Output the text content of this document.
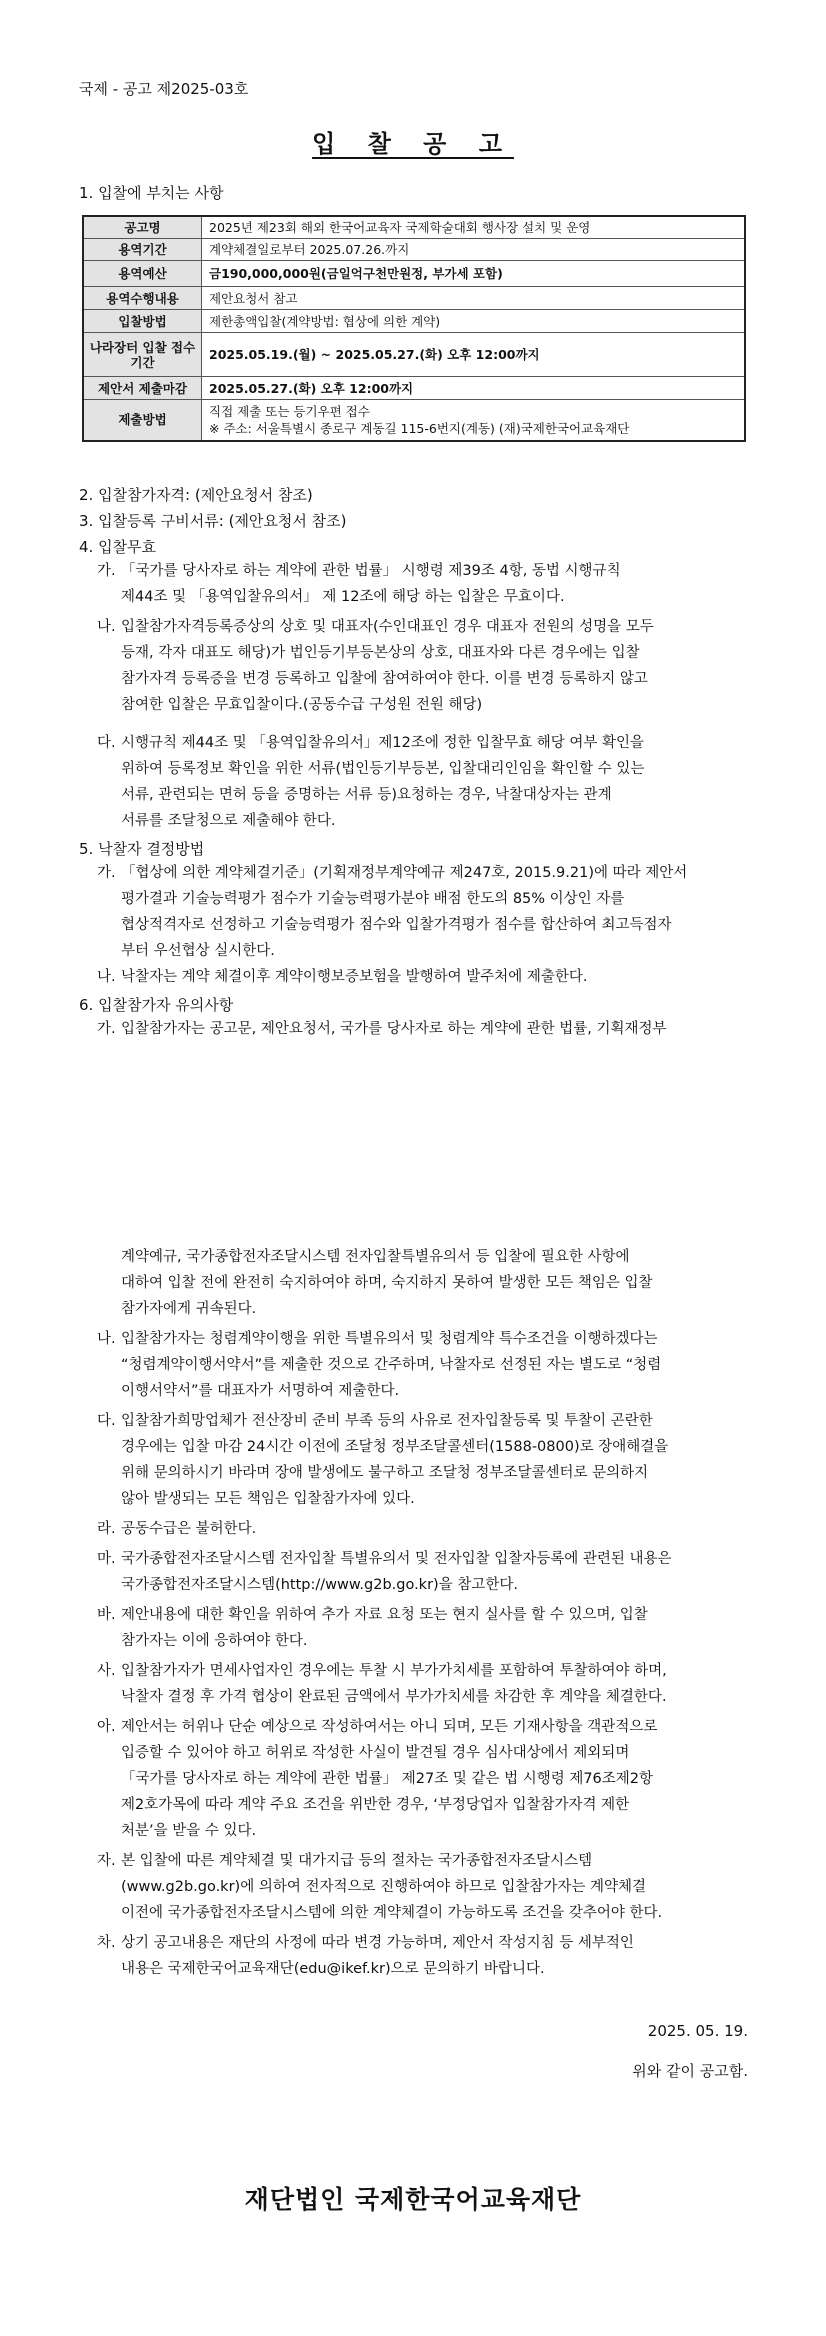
국제 - 공고 제2025-03호
입 찰 공 고
1. 입찰에 부치는 사항
공고명	2025년 제23회 해외 한국어교육자 국제학술대회 행사장 설치 및 운영
용역기간	계약체결일로부터 2025.07.26.까지
용역예산	금190,000,000원(금일억구천만원정, 부가세 포함)
용역수행내용	제안요청서 참고
입찰방법	제한총액입찰(계약방법: 협상에 의한 계약)
나라장터 입찰 접수 기간	2025.05.19.(월) ~ 2025.05.27.(화) 오후 12:00까지
제안서 제출마감	2025.05.27.(화) 오후 12:00까지
제출방법	직접 제출 또는 등기우편 접수
※ 주소: 서울특별시 종로구 계동길 115-6번지(계동) (재)국제한국어교육재단
2. 입찰참가자격: (제안요청서 참조)
3. 입찰등록 구비서류: (제안요청서 참조)
4. 입찰무효
가. 「국가를 당사자로 하는 계약에 관한 법률」 시행령 제39조 4항, 동법 시행규칙
제44조 및 「용역입찰유의서」 제 12조에 해당 하는 입찰은 무효이다.
나. 입찰참가자격등록증상의 상호 및 대표자(수인대표인 경우 대표자 전원의 성명을 모두
등재, 각자 대표도 해당)가 법인등기부등본상의 상호, 대표자와 다른 경우에는 입찰
참가자격 등록증을 변경 등록하고 입찰에 참여하여야 한다. 이를 변경 등록하지 않고
참여한 입찰은 무효입찰이다.(공동수급 구성원 전원 해당)
다. 시행규칙 제44조 및 「용역입찰유의서」제12조에 정한 입찰무효 해당 여부 확인을
위하여 등록정보 확인을 위한 서류(법인등기부등본, 입찰대리인임을 확인할 수 있는
서류, 관련되는 면허 등을 증명하는 서류 등)요청하는 경우, 낙찰대상자는 관계
서류를 조달청으로 제출해야 한다.
5. 낙찰자 결정방법
가. 「협상에 의한 계약체결기준」(기획재정부계약예규 제247호, 2015.9.21)에 따라 제안서
평가결과 기술능력평가 점수가 기술능력평가분야 배점 한도의 85% 이상인 자를
협상적격자로 선정하고 기술능력평가 점수와 입찰가격평가 점수를 합산하여 최고득점자
부터 우선협상 실시한다.
나. 낙찰자는 계약 체결이후 계약이행보증보험을 발행하여 발주처에 제출한다.
6. 입찰참가자 유의사항
가. 입찰참가자는 공고문, 제안요청서, 국가를 당사자로 하는 계약에 관한 법률, 기획재정부
계약예규, 국가종합전자조달시스템 전자입찰특별유의서 등 입찰에 필요한 사항에
대하여 입찰 전에 완전히 숙지하여야 하며, 숙지하지 못하여 발생한 모든 책임은 입찰
참가자에게 귀속된다.
나. 입찰참가자는 청렴계약이행을 위한 특별유의서 및 청렴계약 특수조건을 이행하겠다는
“청렴계약이행서약서”를 제출한 것으로 간주하며, 낙찰자로 선정된 자는 별도로 “청렴
이행서약서”를 대표자가 서명하여 제출한다.
다. 입찰참가희망업체가 전산장비 준비 부족 등의 사유로 전자입찰등록 및 투찰이 곤란한
경우에는 입찰 마감 24시간 이전에 조달청 정부조달콜센터(1588-0800)로 장애해결을
위해 문의하시기 바라며 장애 발생에도 불구하고 조달청 정부조달콜센터로 문의하지
않아 발생되는 모든 책임은 입찰참가자에 있다.
라. 공동수급은 불허한다.
마. 국가종합전자조달시스템 전자입찰 특별유의서 및 전자입찰 입찰자등록에 관련된 내용은
국가종합전자조달시스템(http://www.g2b.go.kr)을 참고한다.
바. 제안내용에 대한 확인을 위하여 추가 자료 요청 또는 현지 실사를 할 수 있으며, 입찰
참가자는 이에 응하여야 한다.
사. 입찰참가자가 면세사업자인 경우에는 투찰 시 부가가치세를 포함하여 투찰하여야 하며,
낙찰자 결정 후 가격 협상이 완료된 금액에서 부가가치세를 차감한 후 계약을 체결한다.
아. 제안서는 허위나 단순 예상으로 작성하여서는 아니 되며, 모든 기재사항을 객관적으로
입증할 수 있어야 하고 허위로 작성한 사실이 발견될 경우 심사대상에서 제외되며
「국가를 당사자로 하는 계약에 관한 법률」 제27조 및 같은 법 시행령 제76조제2항
제2호가목에 따라 계약 주요 조건을 위반한 경우, ‘부정당업자 입찰참가자격 제한
처분’을 받을 수 있다.
자. 본 입찰에 따른 계약체결 및 대가지급 등의 절차는 국가종합전자조달시스템
(www.g2b.go.kr)에 의하여 전자적으로 진행하여야 하므로 입찰참가자는 계약체결
이전에 국가종합전자조달시스템에 의한 계약체결이 가능하도록 조건을 갖추어야 한다.
차. 상기 공고내용은 재단의 사정에 따라 변경 가능하며, 제안서 작성지침 등 세부적인
내용은 국제한국어교육재단(edu@ikef.kr)으로 문의하기 바랍니다.
2025. 05. 19.
위와 같이 공고함.
재단법인 국제한국어교육재단
